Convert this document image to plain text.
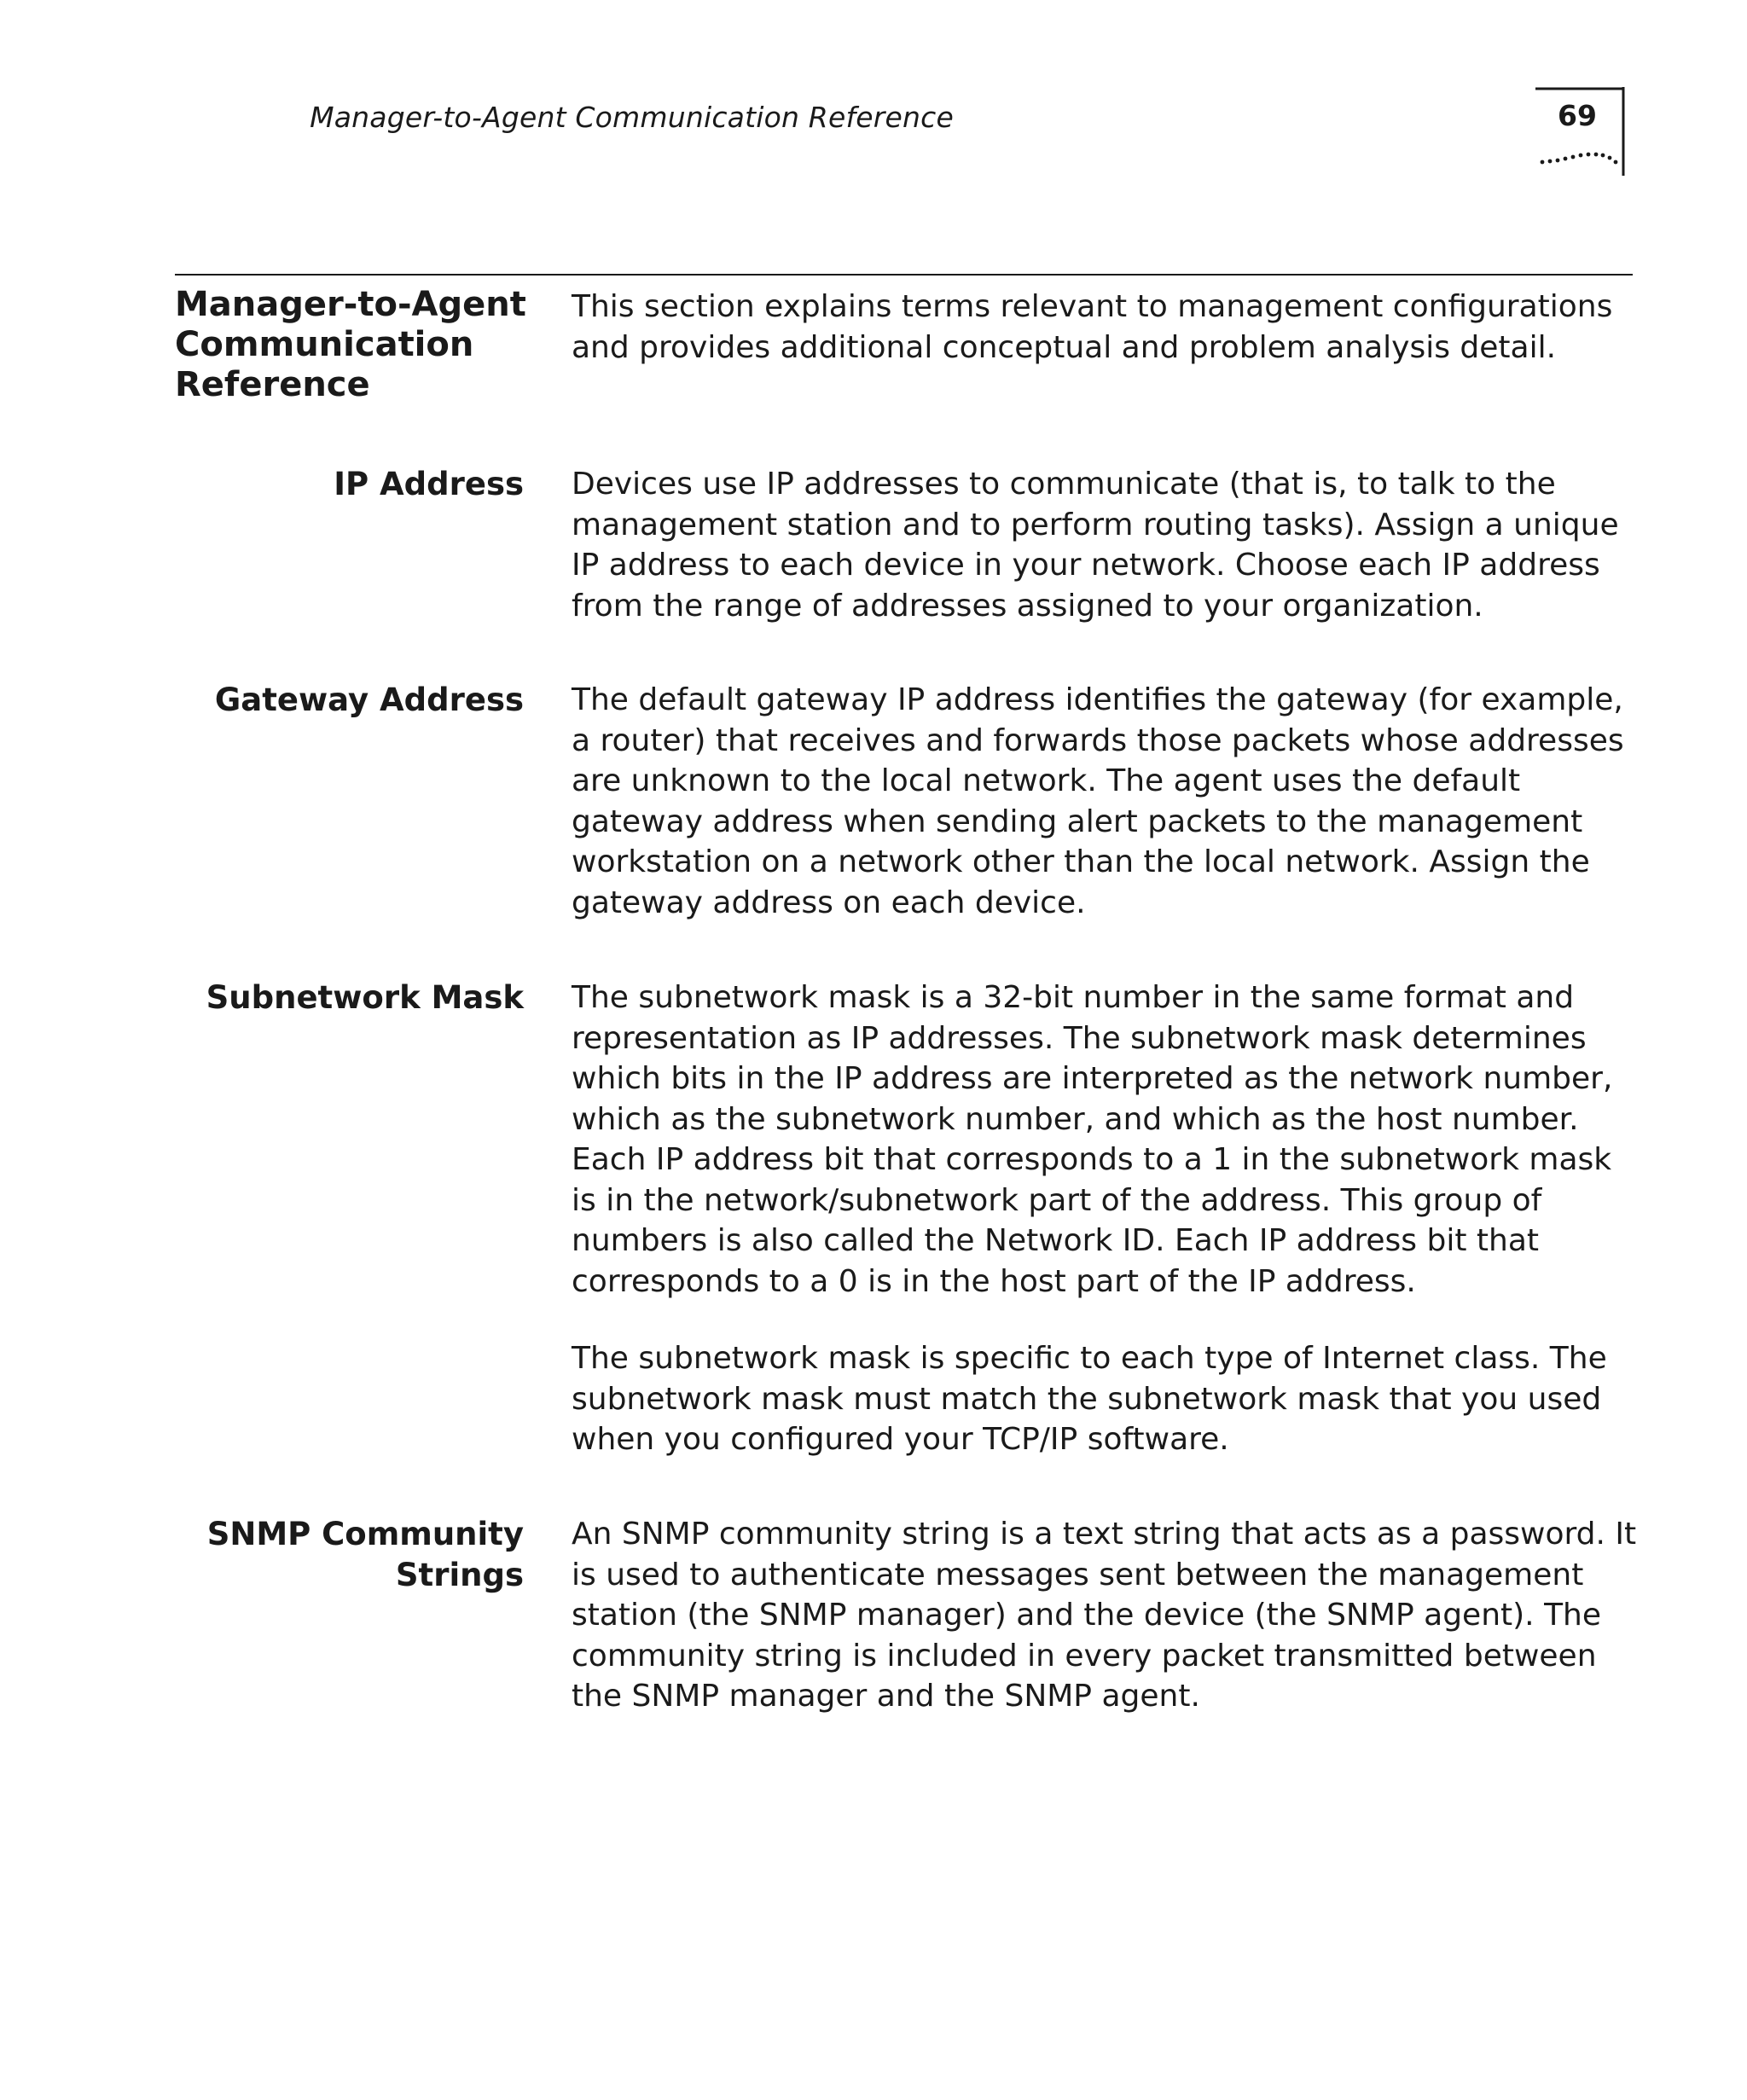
Manager-to-Agent Communication Reference	69
Manager-to-Agent
Communication
Reference

This section explains terms relevant to management configurations and provides additional conceptual and problem analysis detail.

IP Address Devices use IP addresses to communicate (that is, to talk to the management station and to perform routing tasks). Assign a unique IP address to each device in your network. Choose each IP address from the range of addresses assigned to your organization.

Gateway Address The default gateway IP address identifies the gateway (for example, a router) that receives and forwards those packets whose addresses are unknown to the local network. The agent uses the default gateway address when sending alert packets to the management workstation on a network other than the local network. Assign the gateway address on each device.

Subnetwork Mask The subnetwork mask is a 32-bit number in the same format and representation as IP addresses. The subnetwork mask determines which bits in the IP address are interpreted as the network number, which as the subnetwork number, and which as the host number. Each IP address bit that corresponds to a 1 in the subnetwork mask is in the network/subnetwork part of the address. This group of numbers is also called the Network ID. Each IP address bit that corresponds to a 0 is in the host part of the IP address.

The subnetwork mask is specific to each type of Internet class. The subnetwork mask must match the subnetwork mask that you used when you configured your TCP/IP software.

SNMP Community
Strings

An SNMP community string is a text string that acts as a password. It is used to authenticate messages sent between the management station (the SNMP manager) and the device (the SNMP agent). The community string is included in every packet transmitted between the SNMP manager and the SNMP agent.
